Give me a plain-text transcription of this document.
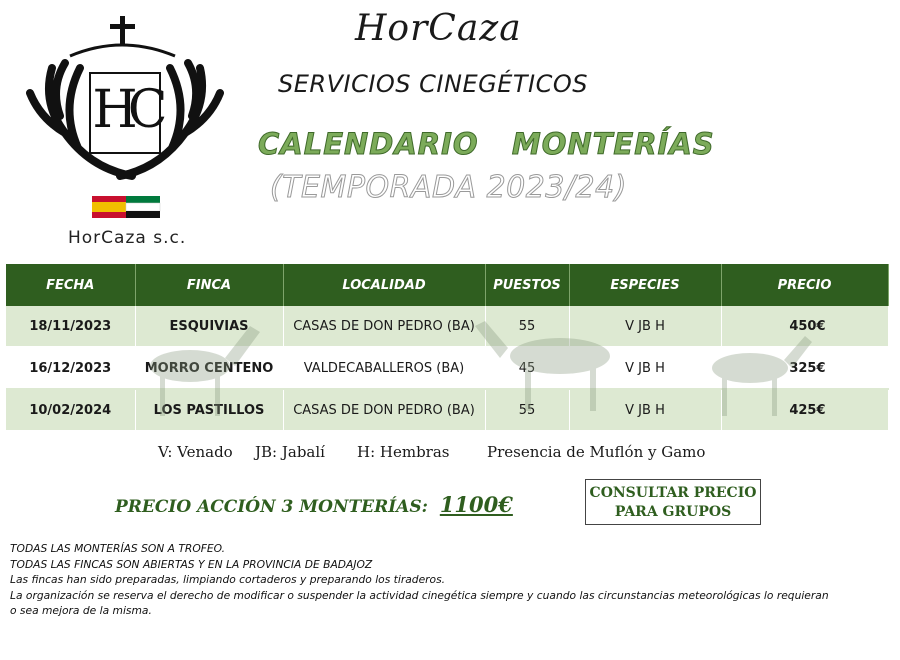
HC
HorCaza s.c.
HorCaza
SERVICIOS CINEGÉTICOS
CALENDARIO   MONTERÍAS
(TEMPORADA 2023/24)
FECHA	FINCA	LOCALIDAD	PUESTOS	ESPECIES	PRECIO
18/11/2023	ESQUIVIAS	CASAS DE DON PEDRO (BA)	55	V JB H	450€
16/12/2023	MORRO CENTENO	VALDECABALLEROS (BA)	45	V JB H	325€
10/02/2024	LOS PASTILLOS	CASAS DE DON PEDRO (BA)	55	V JB H	425€
V: Venado JB: Jabalí H: Hembras	Presencia de Muflón y Gamo
PRECIO ACCIÓN 3 MONTERÍAS: 1100€	CONSULTAR PRECIO
PARA GRUPOS
TODAS LAS MONTERÍAS SON A TROFEO.
TODAS LAS FINCAS SON ABIERTAS Y EN LA PROVINCIA DE BADAJOZ
Las fincas han sido preparadas, limpiando cortaderos y preparando los tiraderos.
La organización se reserva el derecho de modificar o suspender la actividad cinegética siempre y cuando las circunstancias meteorológicas lo requieran
o sea mejora de la misma.
